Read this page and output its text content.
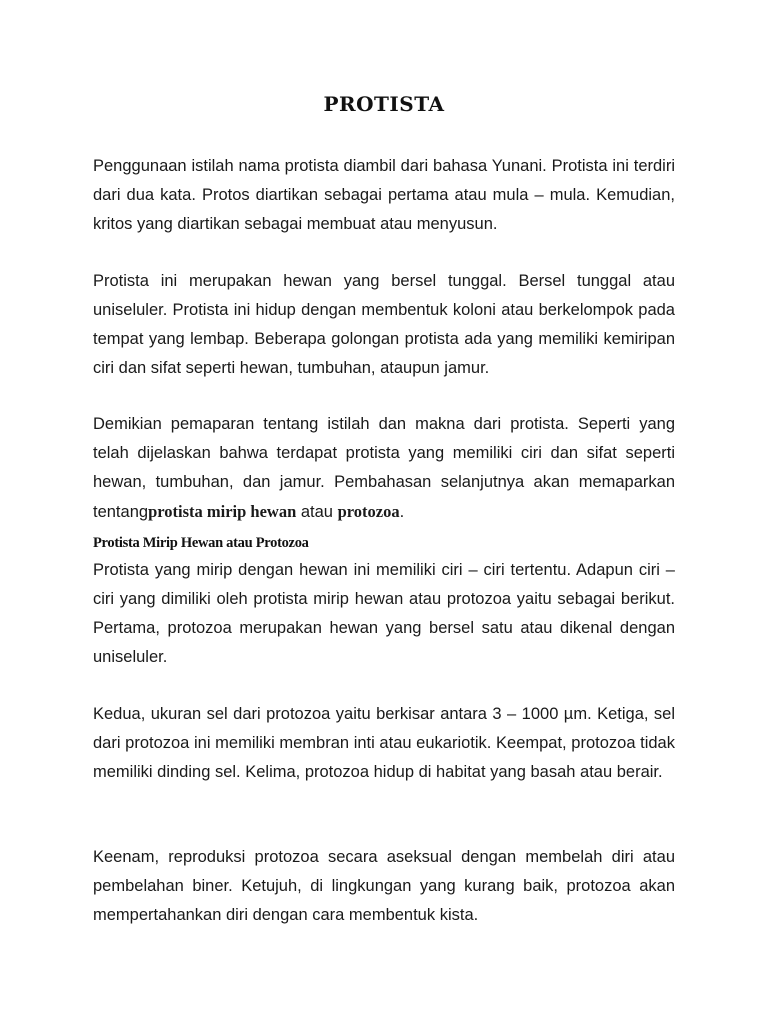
PROTISTA
Penggunaan istilah nama protista diambil dari bahasa Yunani. Protista ini terdiri dari dua kata. Protos diartikan sebagai pertama atau mula – mula. Kemudian, kritos yang diartikan sebagai membuat atau menyusun.
Protista ini merupakan hewan yang bersel tunggal. Bersel tunggal atau uniseluler. Protista ini hidup dengan membentuk koloni atau berkelompok pada tempat yang lembap. Beberapa golongan protista ada yang memiliki kemiripan ciri dan sifat seperti hewan, tumbuhan, ataupun jamur.
Demikian pemaparan tentang istilah dan makna dari protista. Seperti yang telah dijelaskan bahwa terdapat protista yang memiliki ciri dan sifat seperti hewan, tumbuhan, dan jamur. Pembahasan selanjutnya akan memaparkan tentangprotista mirip hewan atau protozoa.
Protista Mirip Hewan atau Protozoa
Protista yang mirip dengan hewan ini memiliki ciri – ciri tertentu. Adapun ciri – ciri yang dimiliki oleh protista mirip hewan atau protozoa yaitu sebagai berikut. Pertama, protozoa merupakan hewan yang bersel satu atau dikenal dengan uniseluler.
Kedua, ukuran sel dari protozoa yaitu berkisar antara 3 – 1000 µm. Ketiga, sel dari protozoa ini memiliki membran inti atau eukariotik. Keempat, protozoa tidak memiliki dinding sel. Kelima, protozoa hidup di habitat yang basah atau berair.
Keenam, reproduksi protozoa secara aseksual dengan membelah diri atau pembelahan biner. Ketujuh, di lingkungan yang kurang baik, protozoa akan mempertahankan diri dengan cara membentuk kista.
